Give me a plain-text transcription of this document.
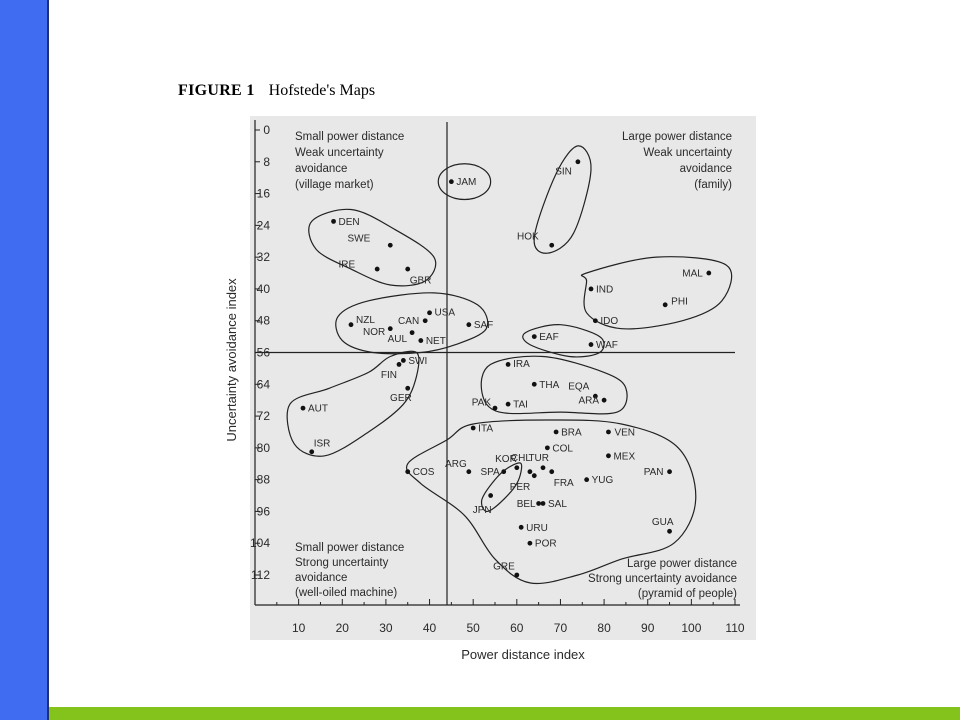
FIGURE 1 Hofstede's Maps
Uncertainty avoidance index
Power distance index
0
8
16
24
32
40
48
56
64
72
80
88
96
104
112
10	20	30	40	50	60	70	80	90 100 110
Small power distance
Weak uncertainty
avoidance
(village market)
Large power distance
Weak uncertainty
avoidance
(family)
Small power distance
Strong uncertainty
avoidance
(well-oiled machine)
Large power distance
Strong uncertainty avoidance
(pyramid of people)
JAM
SIN
HOK
DEN
SWE
IRE
GBR
MAL
IND
PHI
IDO
USA
NZL CAN
NOR
SAF
AUL NET	EAF
WAF
SWI
FIN
GER
AUT
IRA
THA EQA
PAK TAI	ARA
ITA	BRA	VEN
ISR
CHL
COL
MEX
ARG	KOR
SPA
TUR
PAN
COS
FRA YUG
PER
JPN
BEL SAL
URU
GUA
POR
GRE
